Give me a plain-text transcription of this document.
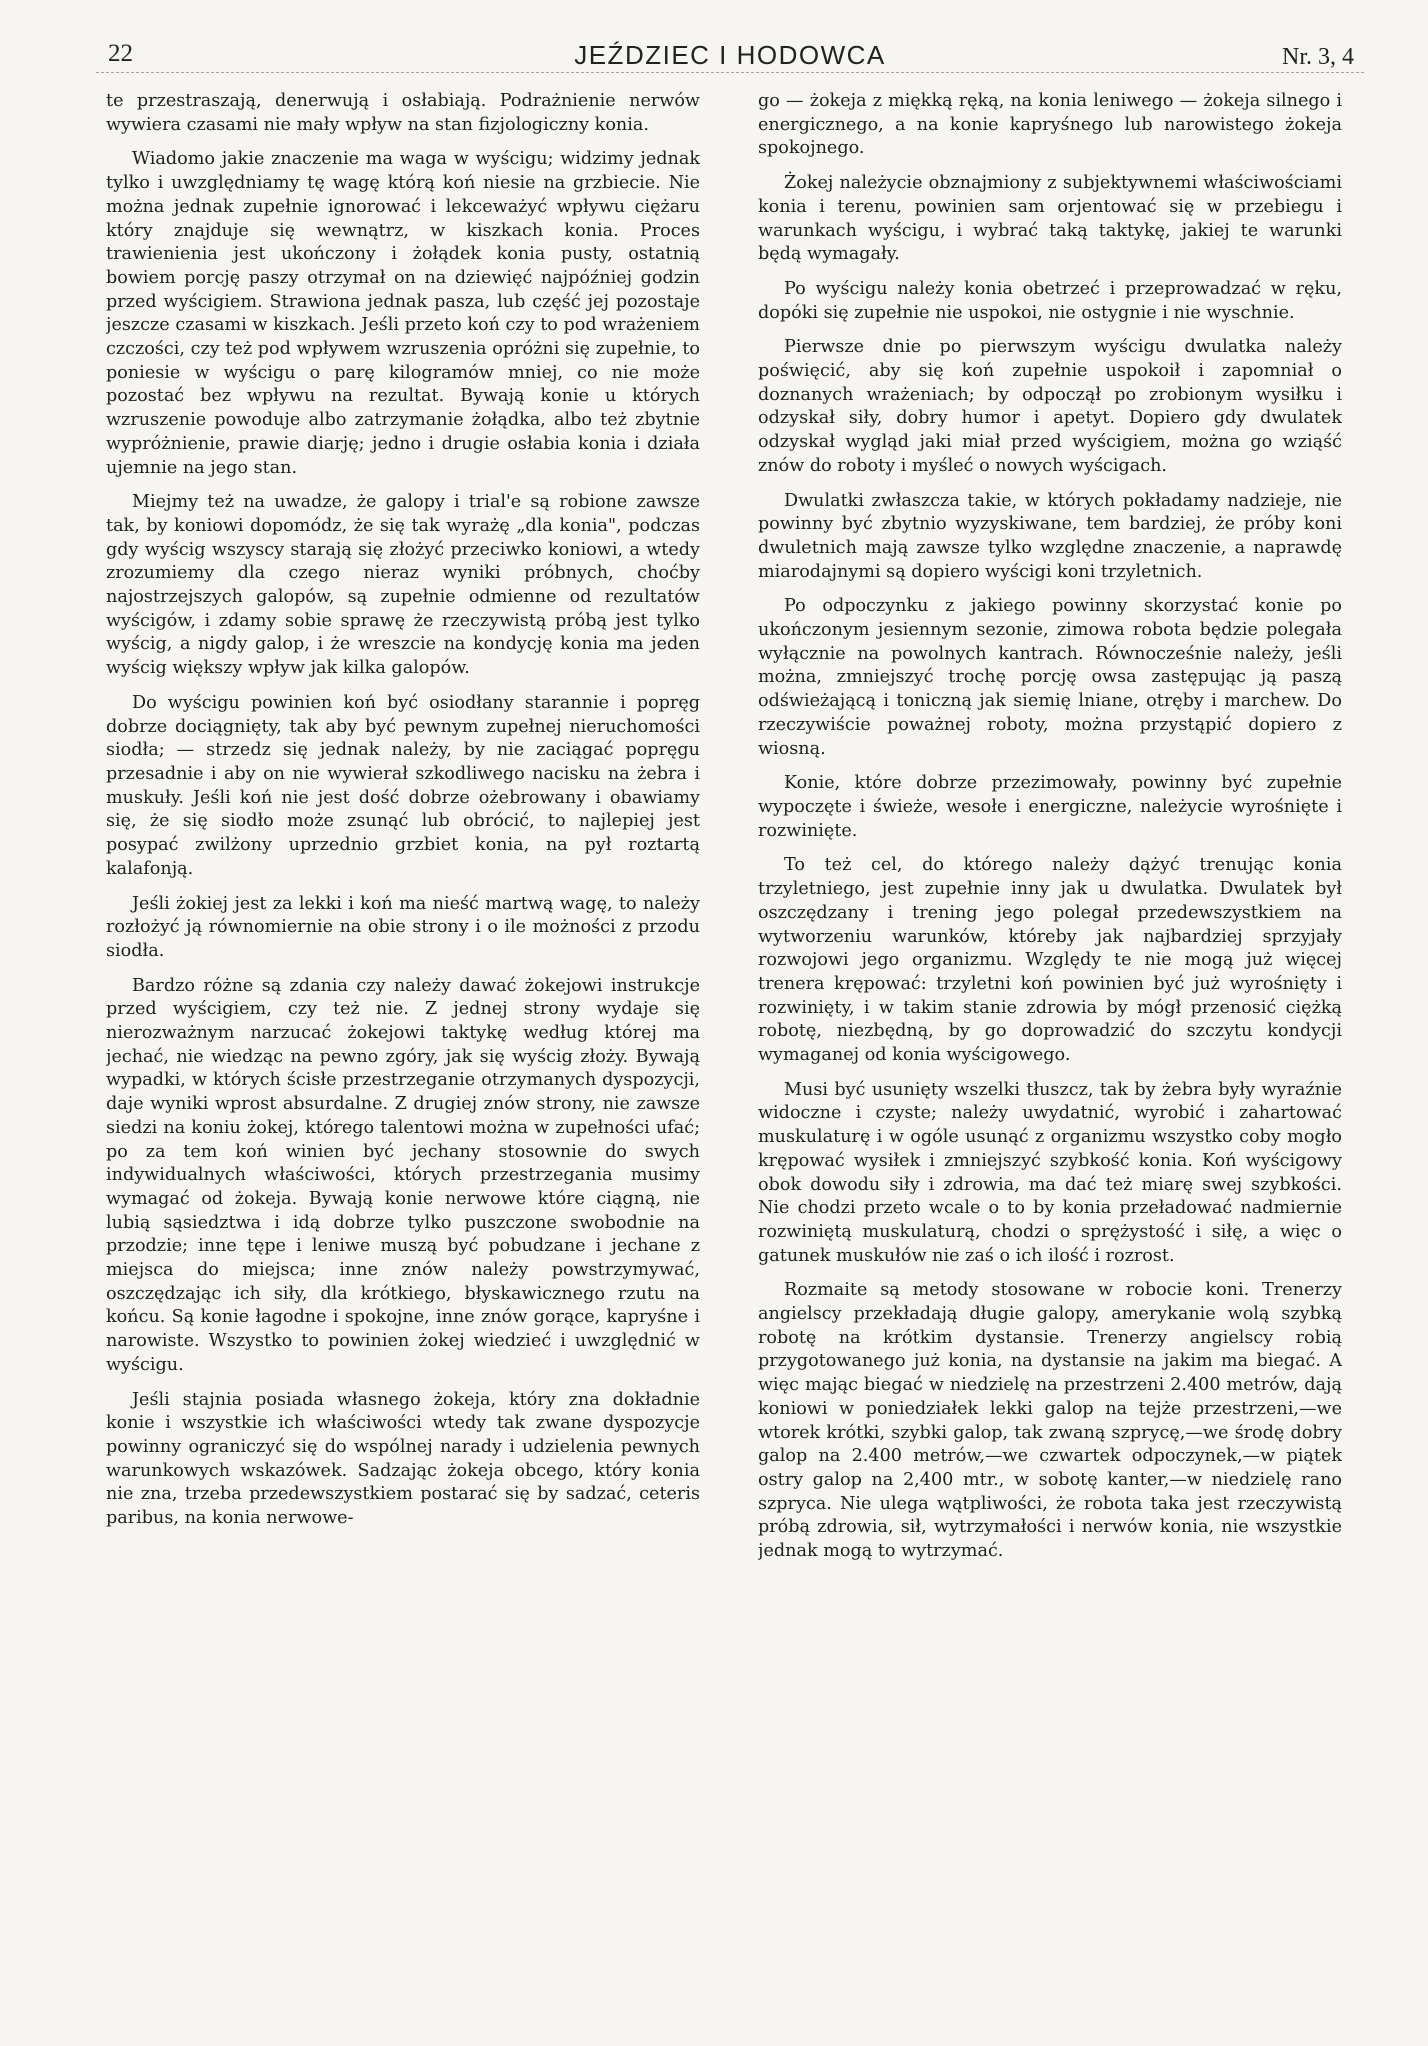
22	JEŹDZIEC I HODOWCA	Nr. 3, 4

te przestraszają, denerwują i osłabiają. Podrażnienie nerwów wywiera czasami nie mały wpływ na stan fizjologiczny konia.

Wiadomo jakie znaczenie ma waga w wyścigu; widzimy jednak tylko i uwzględniamy tę wagę którą koń niesie na grzbiecie. Nie można jednak zupełnie ignorować i lekceważyć wpływu ciężaru który znajduje się wewnątrz, w kiszkach konia. Proces trawienienia jest ukończony i żołądek konia pusty, ostatnią bowiem porcję paszy otrzymał on na dziewięć najpóźniej godzin przed wyścigiem. Strawiona jednak pasza, lub część jej pozostaje jeszcze czasami w kiszkach. Jeśli przeto koń czy to pod wrażeniem czczości, czy też pod wpływem wzruszenia opróżni się zupełnie, to poniesie w wyścigu o parę kilogramów mniej, co nie może pozostać bez wpływu na rezultat. Bywają konie u których wzruszenie powoduje albo zatrzymanie żołądka, albo też zbytnie wypróżnienie, prawie diarję; jedno i drugie osłabia konia i działa ujemnie na jego stan.

Miejmy też na uwadze, że galopy i trial'e są robione zawsze tak, by koniowi dopomódz, że się tak wyrażę „dla konia", podczas gdy wyścig wszyscy starają się złożyć przeciwko koniowi, a wtedy zrozumiemy dla czego nieraz wyniki próbnych, choćby najostrzejszych galopów, są zupełnie odmienne od rezultatów wyścigów, i zdamy sobie sprawę że rzeczywistą próbą jest tylko wyścig, a nigdy galop, i że wreszcie na kondycję konia ma jeden wyścig większy wpływ jak kilka galopów.

Do wyścigu powinien koń być osiodłany starannie i popręg dobrze dociągnięty, tak aby być pewnym zupełnej nieruchomości siodła; — strzedz się jednak należy, by nie zaciągać popręgu przesadnie i aby on nie wywierał szkodliwego nacisku na żebra i muskuły. Jeśli koń nie jest dość dobrze ożebrowany i obawiamy się, że się siodło może zsunąć lub obrócić, to najlepiej jest posypać zwilżony uprzednio grzbiet konia, na pył roztartą kalafonją.

Jeśli żokiej jest za lekki i koń ma nieść martwą wagę, to należy rozłożyć ją równomiernie na obie strony i o ile możności z przodu siodła.

Bardzo różne są zdania czy należy dawać żokejowi instrukcje przed wyścigiem, czy też nie. Z jednej strony wydaje się nierozważnym narzucać żokejowi taktykę według której ma jechać, nie wiedząc na pewno zgóry, jak się wyścig złoży. Bywają wypadki, w których ścisłe przestrzeganie otrzymanych dyspozycji, daje wyniki wprost absurdalne. Z drugiej znów strony, nie zawsze siedzi na koniu żokej, którego talentowi można w zupełności ufać; po za tem koń winien być jechany stosownie do swych indywidualnych właściwości, których przestrzegania musimy wymagać od żokeja. Bywają konie nerwowe które ciągną, nie lubią sąsiedztwa i idą dobrze tylko puszczone swobodnie na przodzie; inne tępe i leniwe muszą być pobudzane i jechane z miejsca do miejsca; inne znów należy powstrzymywać, oszczędzając ich siły, dla krótkiego, błyskawicznego rzutu na końcu. Są konie łagodne i spokojne, inne znów gorące, kapryśne i narowiste. Wszystko to powinien żokej wiedzieć i uwzględnić w wyścigu.

Jeśli stajnia posiada własnego żokeja, który zna dokładnie konie i wszystkie ich właściwości wtedy tak zwane dyspozycje powinny ograniczyć się do wspólnej narady i udzielenia pewnych warunkowych wskazówek. Sadzając żokeja obcego, który konia nie zna, trzeba przedewszystkiem postarać się by sadzać, ceteris paribus, na konia nerwowe-

go — żokeja z miękką ręką, na konia leniwego — żokeja silnego i energicznego, a na konie kapryśnego lub narowistego żokeja spokojnego.

Żokej należycie obznajmiony z subjektywnemi właściwościami konia i terenu, powinien sam orjentować się w przebiegu i warunkach wyścigu, i wybrać taką taktykę, jakiej te warunki będą wymagały.

Po wyścigu należy konia obetrzeć i przeprowadzać w ręku, dopóki się zupełnie nie uspokoi, nie ostygnie i nie wyschnie.

Pierwsze dnie po pierwszym wyścigu dwulatka należy poświęcić, aby się koń zupełnie uspokoił i zapomniał o doznanych wrażeniach; by odpoczął po zrobionym wysiłku i odzyskał siły, dobry humor i apetyt. Dopiero gdy dwulatek odzyskał wygląd jaki miał przed wyścigiem, można go wziąść znów do roboty i myśleć o nowych wyścigach.

Dwulatki zwłaszcza takie, w których pokładamy nadzieje, nie powinny być zbytnio wyzyskiwane, tem bardziej, że próby koni dwuletnich mają zawsze tylko względne znaczenie, a naprawdę miarodajnymi są dopiero wyścigi koni trzyletnich.

Po odpoczynku z jakiego powinny skorzystać konie po ukończonym jesiennym sezonie, zimowa robota będzie polegała wyłącznie na powolnych kantrach. Równocześnie należy, jeśli można, zmniejszyć trochę porcję owsa zastępując ją paszą odświeżającą i toniczną jak siemię lniane, otręby i marchew. Do rzeczywiście poważnej roboty, można przystąpić dopiero z wiosną.

Konie, które dobrze przezimowały, powinny być zupełnie wypoczęte i świeże, wesołe i energiczne, należycie wyrośnięte i rozwinięte.

To też cel, do którego należy dążyć trenując konia trzyletniego, jest zupełnie inny jak u dwulatka. Dwulatek był oszczędzany i trening jego polegał przedewszystkiem na wytworzeniu warunków, któreby jak najbardziej sprzyjały rozwojowi jego organizmu. Względy te nie mogą już więcej trenera krępować: trzyletni koń powinien być już wyrośnięty i rozwinięty, i w takim stanie zdrowia by mógł przenosić ciężką robotę, niezbędną, by go doprowadzić do szczytu kondycji wymaganej od konia wyścigowego.

Musi być usunięty wszelki tłuszcz, tak by żebra były wyraźnie widoczne i czyste; należy uwydatnić, wyrobić i zahartować muskulaturę i w ogóle usunąć z organizmu wszystko coby mogło krępować wysiłek i zmniejszyć szybkość konia. Koń wyścigowy obok dowodu siły i zdrowia, ma dać też miarę swej szybkości. Nie chodzi przeto wcale o to by konia przeładować nadmiernie rozwiniętą muskulaturą, chodzi o sprężystość i siłę, a więc o gatunek muskułów nie zaś o ich ilość i rozrost.

Rozmaite są metody stosowane w robocie koni. Trenerzy angielscy przekładają długie galopy, amerykanie wolą szybką robotę na krótkim dystansie. Trenerzy angielscy robią przygotowanego już konia, na dystansie na jakim ma biegać. A więc mając biegać w niedzielę na przestrzeni 2.400 metrów, dają koniowi w poniedziałek lekki galop na tejże przestrzeni,—we wtorek krótki, szybki galop, tak zwaną szprycę,—we środę dobry galop na 2.400 metrów,—we czwartek odpoczynek,—w piątek ostry galop na 2,400 mtr., w sobotę kanter,—w niedzielę rano szpryca. Nie ulega wątpliwości, że robota taka jest rzeczywistą próbą zdrowia, sił, wytrzymałości i nerwów konia, nie wszystkie jednak mogą to wytrzymać.
